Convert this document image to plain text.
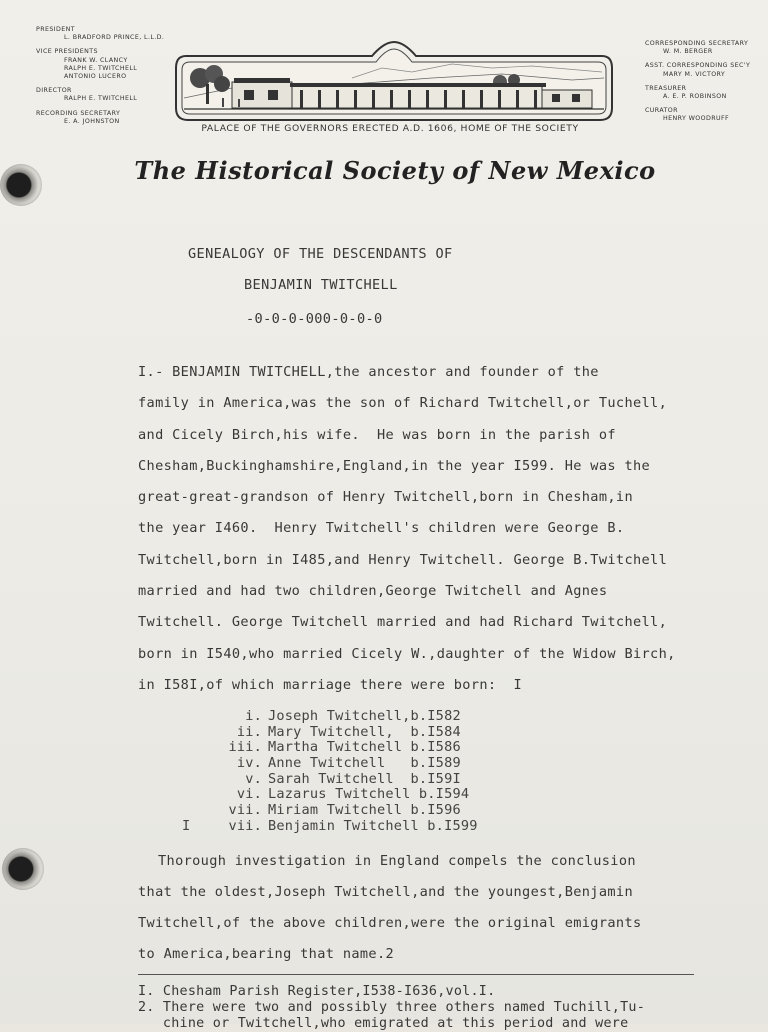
PRESIDENT
L. BRADFORD PRINCE, L.L.D.
VICE PRESIDENTS
FRANK W. CLANCY
RALPH E. TWITCHELL
ANTONIO LUCERO
DIRECTOR
RALPH E. TWITCHELL
RECORDING SECRETARY
E. A. JOHNSTON
CORRESPONDING SECRETARY
W. M. BERGER
ASST. CORRESPONDING SEC'Y
MARY M. VICTORY
TREASURER
A. E. P. ROBINSON
CURATOR
HENRY WOODRUFF
PALACE OF THE GOVERNORS ERECTED A.D. 1606, HOME OF THE SOCIETY
The Historical Society of New Mexico
GENEALOGY OF THE DESCENDANTS OF
BENJAMIN TWITCHELL
-0-0-0-000-0-0-0
I.- BENJAMIN TWITCHELL,the ancestor and founder of the
family in America,was the son of Richard Twitchell,or Tuchell,
and Cicely Birch,his wife.  He was born in the parish of
Chesham,Buckinghamshire,England,in the year I599. He was the
great-great-grandson of Henry Twitchell,born in Chesham,in
the year I460.  Henry Twitchell's children were George B.
Twitchell,born in I485,and Henry Twitchell. George B.Twitchell
married and had two children,George Twitchell and Agnes
Twitchell. George Twitchell married and had Richard Twitchell,
born in I540,who married Cicely W.,daughter of the Widow Birch,
in I58I,of which marriage there were born:  I
i. Joseph Twitchell,b.I582
ii. Mary Twitchell,  b.I584
iii. Martha Twitchell b.I586
iv. Anne Twitchell   b.I589
v. Sarah Twitchell  b.I59I
vi. Lazarus Twitchell b.I594
vii. Miriam Twitchell b.I596
I	vii. Benjamin Twitchell b.I599
Thorough investigation in England compels the conclusion
that the oldest,Joseph Twitchell,and the youngest,Benjamin
Twitchell,of the above children,were the original emigrants
to America,bearing that name.2
I. Chesham Parish Register,I538-I636,vol.I.
2. There were two and possibly three others named Tuchill,Tu-
chine or Twitchell,who emigrated at this period and were
